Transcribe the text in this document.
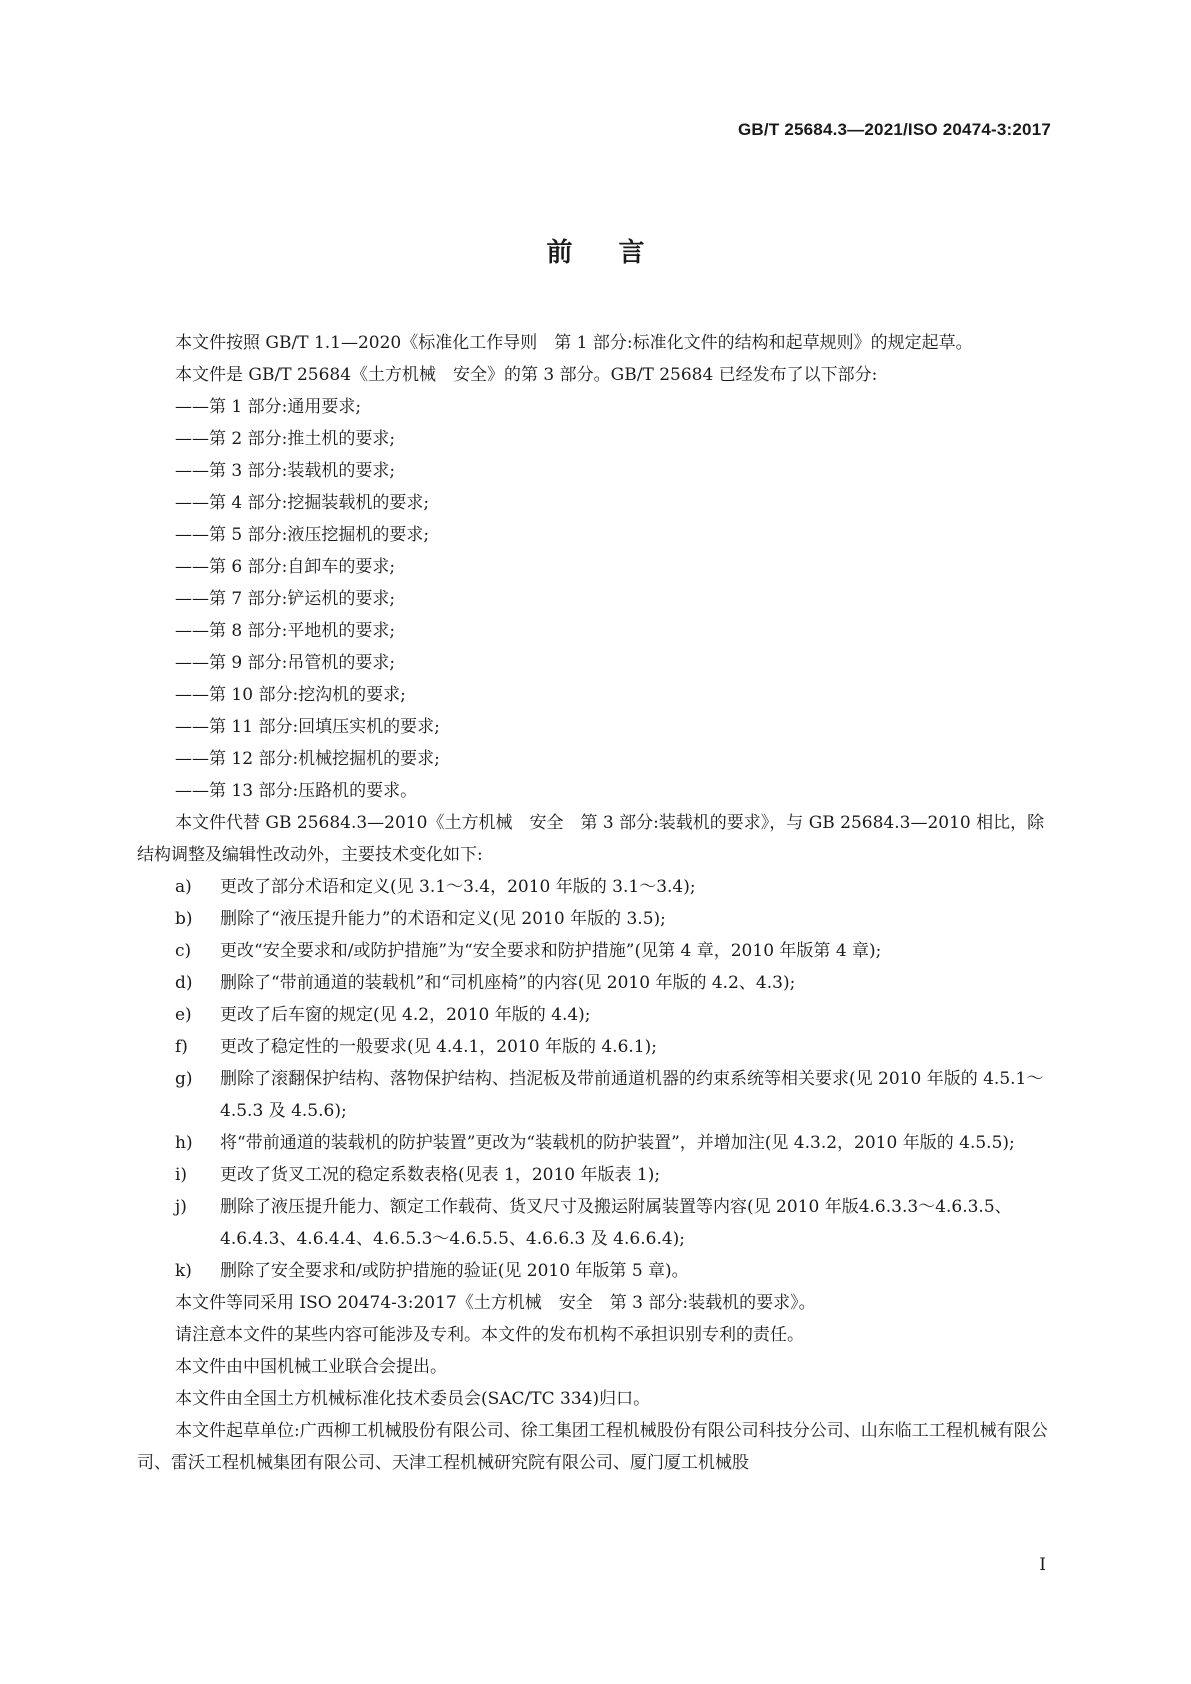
GB/T 25684.3—2021/ISO 20474-3:2017
前言

本文件按照 GB/T 1.1—2020《标准化工作导则　第 1 部分:标准化文件的结构和起草规则》的规定起草。

本文件是 GB/T 25684《土方机械　安全》的第 3 部分。GB/T 25684 已经发布了以下部分:

——第 1 部分:通用要求;

——第 2 部分:推土机的要求;

——第 3 部分:装载机的要求;

——第 4 部分:挖掘装载机的要求;

——第 5 部分:液压挖掘机的要求;

——第 6 部分:自卸车的要求;

——第 7 部分:铲运机的要求;

——第 8 部分:平地机的要求;

——第 9 部分:吊管机的要求;

——第 10 部分:挖沟机的要求;

——第 11 部分:回填压实机的要求;

——第 12 部分:机械挖掘机的要求;

——第 13 部分:压路机的要求。

本文件代替 GB 25684.3—2010《土方机械　安全　第 3 部分:装载机的要求》，与 GB 25684.3—2010 相比，除结构调整及编辑性改动外，主要技术变化如下:

a)	更改了部分术语和定义(见 3.1～3.4，2010 年版的 3.1～3.4);
b)	删除了“液压提升能力”的术语和定义(见 2010 年版的 3.5);
c)	更改“安全要求和/或防护措施”为“安全要求和防护措施”(见第 4 章，2010 年版第 4 章);
d)	删除了“带前通道的装载机”和“司机座椅”的内容(见 2010 年版的 4.2、4.3);
e)	更改了后车窗的规定(见 4.2，2010 年版的 4.4);
f)	更改了稳定性的一般要求(见 4.4.1，2010 年版的 4.6.1);
g)	删除了滚翻保护结构、落物保护结构、挡泥板及带前通道机器的约束系统等相关要求(见 2010 年版的 4.5.1～4.5.3 及 4.5.6);
h)	将“带前通道的装载机的防护装置”更改为“装载机的防护装置”，并增加注(见 4.3.2，2010 年版的 4.5.5);
i)	更改了货叉工况的稳定系数表格(见表 1，2010 年版表 1);
j)	删除了液压提升能力、额定工作载荷、货叉尺寸及搬运附属装置等内容(见 2010 年版4.6.3.3～4.6.3.5、4.6.4.3、4.6.4.4、4.6.5.3～4.6.5.5、4.6.6.3 及 4.6.6.4);
k)	删除了安全要求和/或防护措施的验证(见 2010 年版第 5 章)。

本文件等同采用 ISO 20474-3:2017《土方机械　安全　第 3 部分:装载机的要求》。

请注意本文件的某些内容可能涉及专利。本文件的发布机构不承担识别专利的责任。

本文件由中国机械工业联合会提出。

本文件由全国土方机械标准化技术委员会(SAC/TC 334)归口。

本文件起草单位:广西柳工机械股份有限公司、徐工集团工程机械股份有限公司科技分公司、山东临工工程机械有限公司、雷沃工程机械集团有限公司、天津工程机械研究院有限公司、厦门厦工机械股

I
